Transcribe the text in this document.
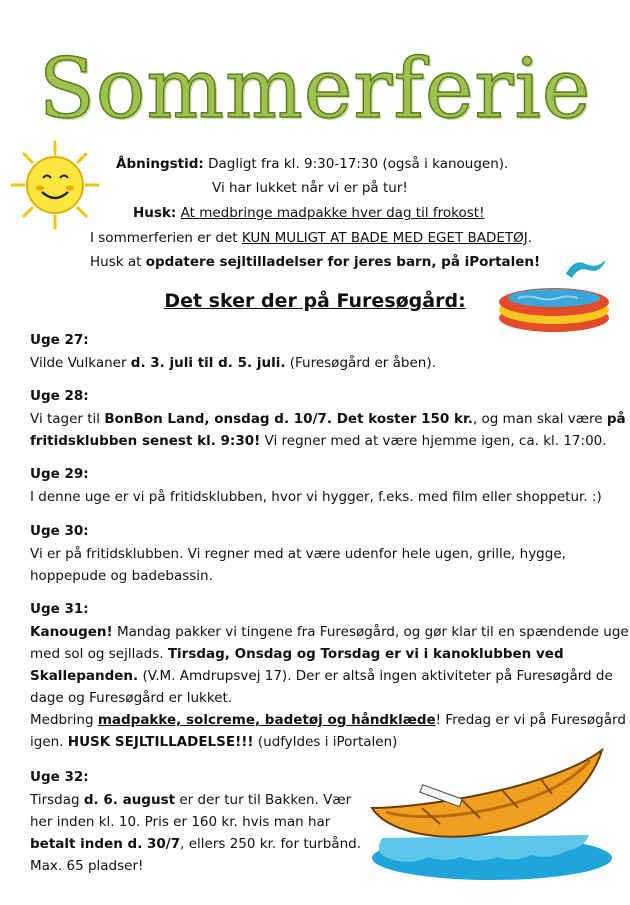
Sommerferie
Åbningstid: Dagligt fra kl. 9:30-17:30 (også i kanougen).
Vi har lukket når vi er på tur!
Husk: At medbringe madpakke hver dag til frokost!
I sommerferien er det KUN MULIGT AT BADE MED EGET BADETØJ.
Husk at opdatere sejltilladelser for jeres barn, på iPortalen!
Det sker der på Furesøgård:
Uge 27:
Vilde Vulkaner d. 3. juli til d. 5. juli. (Furesøgård er åben).
Uge 28:
Vi tager til BonBon Land, onsdag d. 10/7. Det koster 150 kr., og man skal være på
fritidsklubben senest kl. 9:30! Vi regner med at være hjemme igen, ca. kl. 17:00.
Uge 29:
I denne uge er vi på fritidsklubben, hvor vi hygger, f.eks. med film eller shoppetur. :)
Uge 30:
Vi er på fritidsklubben. Vi regner med at være udenfor hele ugen, grille, hygge,
hoppepude og badebassin.
Uge 31:
Kanougen! Mandag pakker vi tingene fra Furesøgård, og gør klar til en spændende uge
med sol og sejllads. Tirsdag, Onsdag og Torsdag er vi i kanoklubben ved
Skallepanden. (V.M. Amdrupsvej 17). Der er altså ingen aktiviteter på Furesøgård de
dage og Furesøgård er lukket.
Medbring madpakke, solcreme, badetøj og håndklæde! Fredag er vi på Furesøgård
igen. HUSK SEJLTILLADELSE!!! (udfyldes i iPortalen)
Uge 32:
Tirsdag d. 6. august er der tur til Bakken. Vær
her inden kl. 10. Pris er 160 kr. hvis man har
betalt inden d. 30/7, ellers 250 kr. for turbånd.
Max. 65 pladser!
